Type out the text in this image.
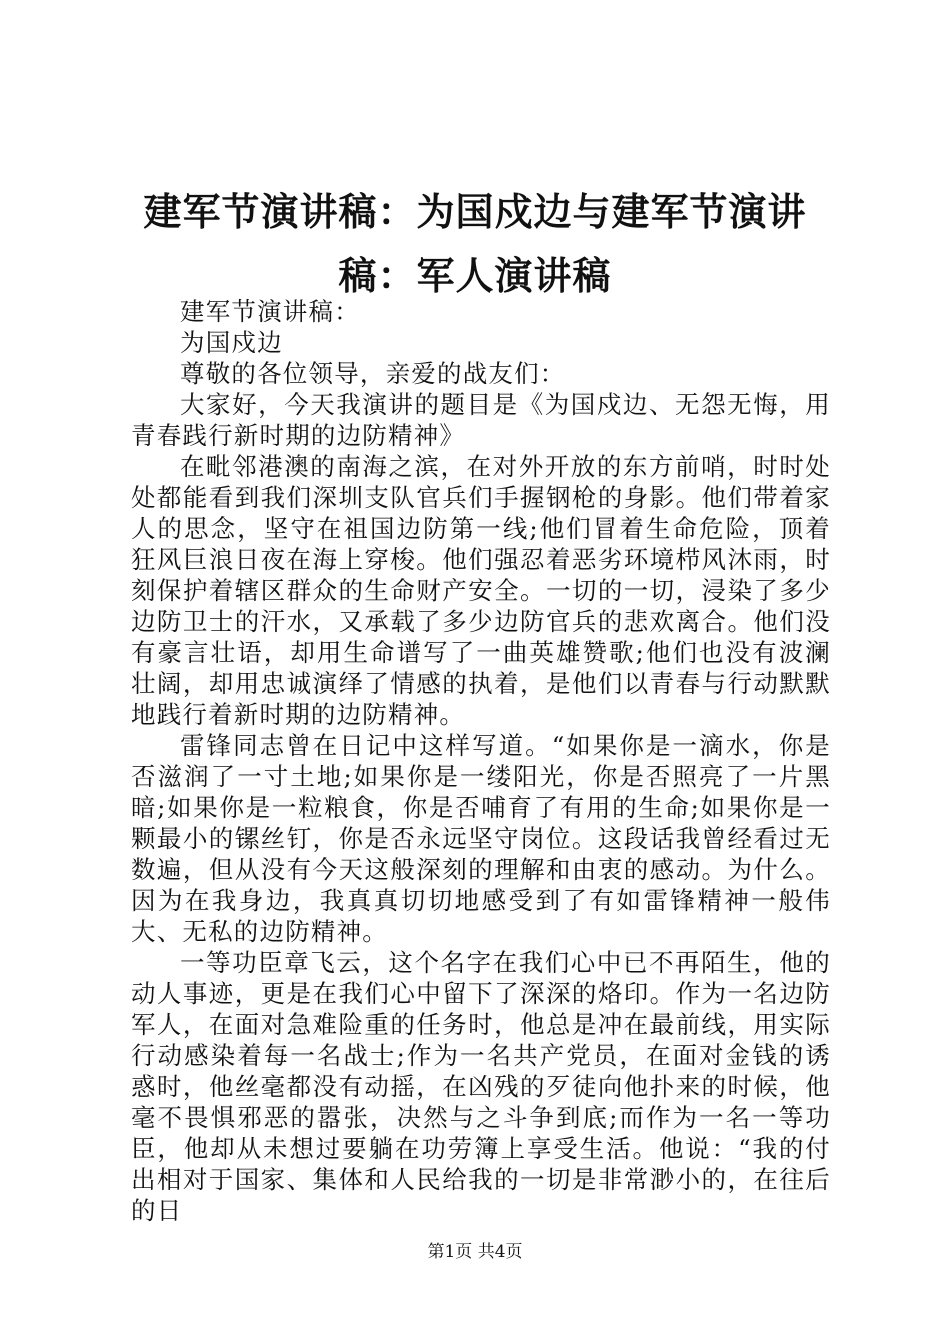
建军节演讲稿：为国戍边与建军节演讲稿：军人演讲稿

建军节演讲稿：

为国戍边

尊敬的各位领导，亲爱的战友们：

大家好，今天我演讲的题目是《为国戍边、无怨无悔，用青春践行新时期的边防精神》

在毗邻港澳的南海之滨，在对外开放的东方前哨，时时处处都能看到我们深圳支队官兵们手握钢枪的身影。他们带着家人的思念，坚守在祖国边防第一线;他们冒着生命危险，顶着狂风巨浪日夜在海上穿梭。他们强忍着恶劣环境栉风沐雨，时刻保护着辖区群众的生命财产安全。一切的一切，浸染了多少边防卫士的汗水，又承载了多少边防官兵的悲欢离合。他们没有豪言壮语，却用生命谱写了一曲英雄赞歌;他们也没有波澜壮阔，却用忠诚演绎了情感的执着，是他们以青春与行动默默地践行着新时期的边防精神。

雷锋同志曾在日记中这样写道。“如果你是一滴水，你是否滋润了一寸土地;如果你是一缕阳光，你是否照亮了一片黑暗;如果你是一粒粮食，你是否哺育了有用的生命;如果你是一颗最小的镙丝钉，你是否永远坚守岗位。这段话我曾经看过无数遍，但从没有今天这般深刻的理解和由衷的感动。为什么。因为在我身边，我真真切切地感受到了有如雷锋精神一般伟大、无私的边防精神。

一等功臣章飞云，这个名字在我们心中已不再陌生，他的动人事迹，更是在我们心中留下了深深的烙印。作为一名边防军人，在面对急难险重的任务时，他总是冲在最前线，用实际行动感染着每一名战士;作为一名共产党员，在面对金钱的诱惑时，他丝毫都没有动摇，在凶残的歹徒向他扑来的时候，他毫不畏惧邪恶的嚣张，决然与之斗争到底;而作为一名一等功臣，他却从未想过要躺在功劳簿上享受生活。他说：“我的付出相对于国家、集体和人民给我的一切是非常渺小的，在往后的日

第1页 共4页
